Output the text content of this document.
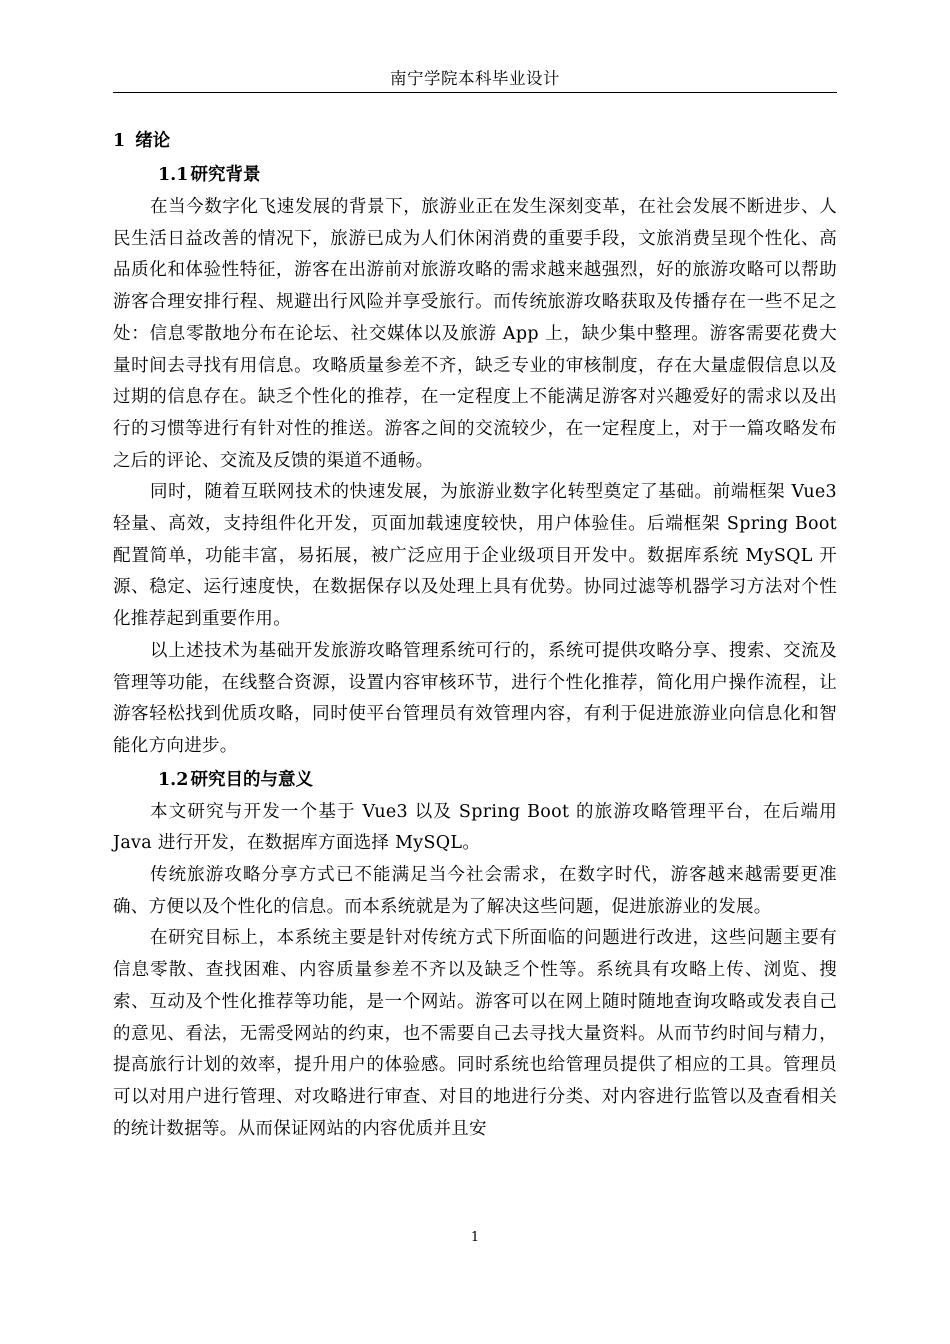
南宁学院本科毕业设计
1 绪论
1.1 研究背景

在当今数字化飞速发展的背景下，旅游业正在发生深刻变革，在社会发展不断进步、人民生活日益改善的情况下，旅游已成为人们休闲消费的重要手段，文旅消费呈现个性化、高品质化和体验性特征，游客在出游前对旅游攻略的需求越来越强烈，好的旅游攻略可以帮助游客合理安排行程、规避出行风险并享受旅行。而传统旅游攻略获取及传播存在一些不足之处：信息零散地分布在论坛、社交媒体以及旅游 App 上，缺少集中整理。游客需要花费大量时间去寻找有用信息。攻略质量参差不齐，缺乏专业的审核制度，存在大量虚假信息以及过期的信息存在。缺乏个性化的推荐，在一定程度上不能满足游客对兴趣爱好的需求以及出行的习惯等进行有针对性的推送。游客之间的交流较少，在一定程度上，对于一篇攻略发布之后的评论、交流及反馈的渠道不通畅。

同时，随着互联网技术的快速发展，为旅游业数字化转型奠定了基础。前端框架 Vue3 轻量、高效，支持组件化开发，页面加载速度较快，用户体验佳。后端框架 Spring Boot 配置简单，功能丰富，易拓展，被广泛应用于企业级项目开发中。数据库系统 MySQL 开源、稳定、运行速度快，在数据保存以及处理上具有优势。协同过滤等机器学习方法对个性化推荐起到重要作用。

以上述技术为基础开发旅游攻略管理系统可行的，系统可提供攻略分享、搜索、交流及管理等功能，在线整合资源，设置内容审核环节，进行个性化推荐，简化用户操作流程，让游客轻松找到优质攻略，同时使平台管理员有效管理内容，有利于促进旅游业向信息化和智能化方向进步。

1.2 研究目的与意义

本文研究与开发一个基于 Vue3 以及 Spring Boot 的旅游攻略管理平台，在后端用 Java 进行开发，在数据库方面选择 MySQL。

传统旅游攻略分享方式已不能满足当今社会需求，在数字时代，游客越来越需要更准确、方便以及个性化的信息。而本系统就是为了解决这些问题，促进旅游业的发展。

在研究目标上，本系统主要是针对传统方式下所面临的问题进行改进，这些问题主要有信息零散、查找困难、内容质量参差不齐以及缺乏个性等。系统具有攻略上传、浏览、搜索、互动及个性化推荐等功能，是一个网站。游客可以在网上随时随地查询攻略或发表自己的意见、看法，无需受网站的约束，也不需要自己去寻找大量资料。从而节约时间与精力，提高旅行计划的效率，提升用户的体验感。同时系统也给管理员提供了相应的工具。管理员可以对用户进行管理、对攻略进行审查、对目的地进行分类、对内容进行监管以及查看相关的统计数据等。从而保证网站的内容优质并且安

1
